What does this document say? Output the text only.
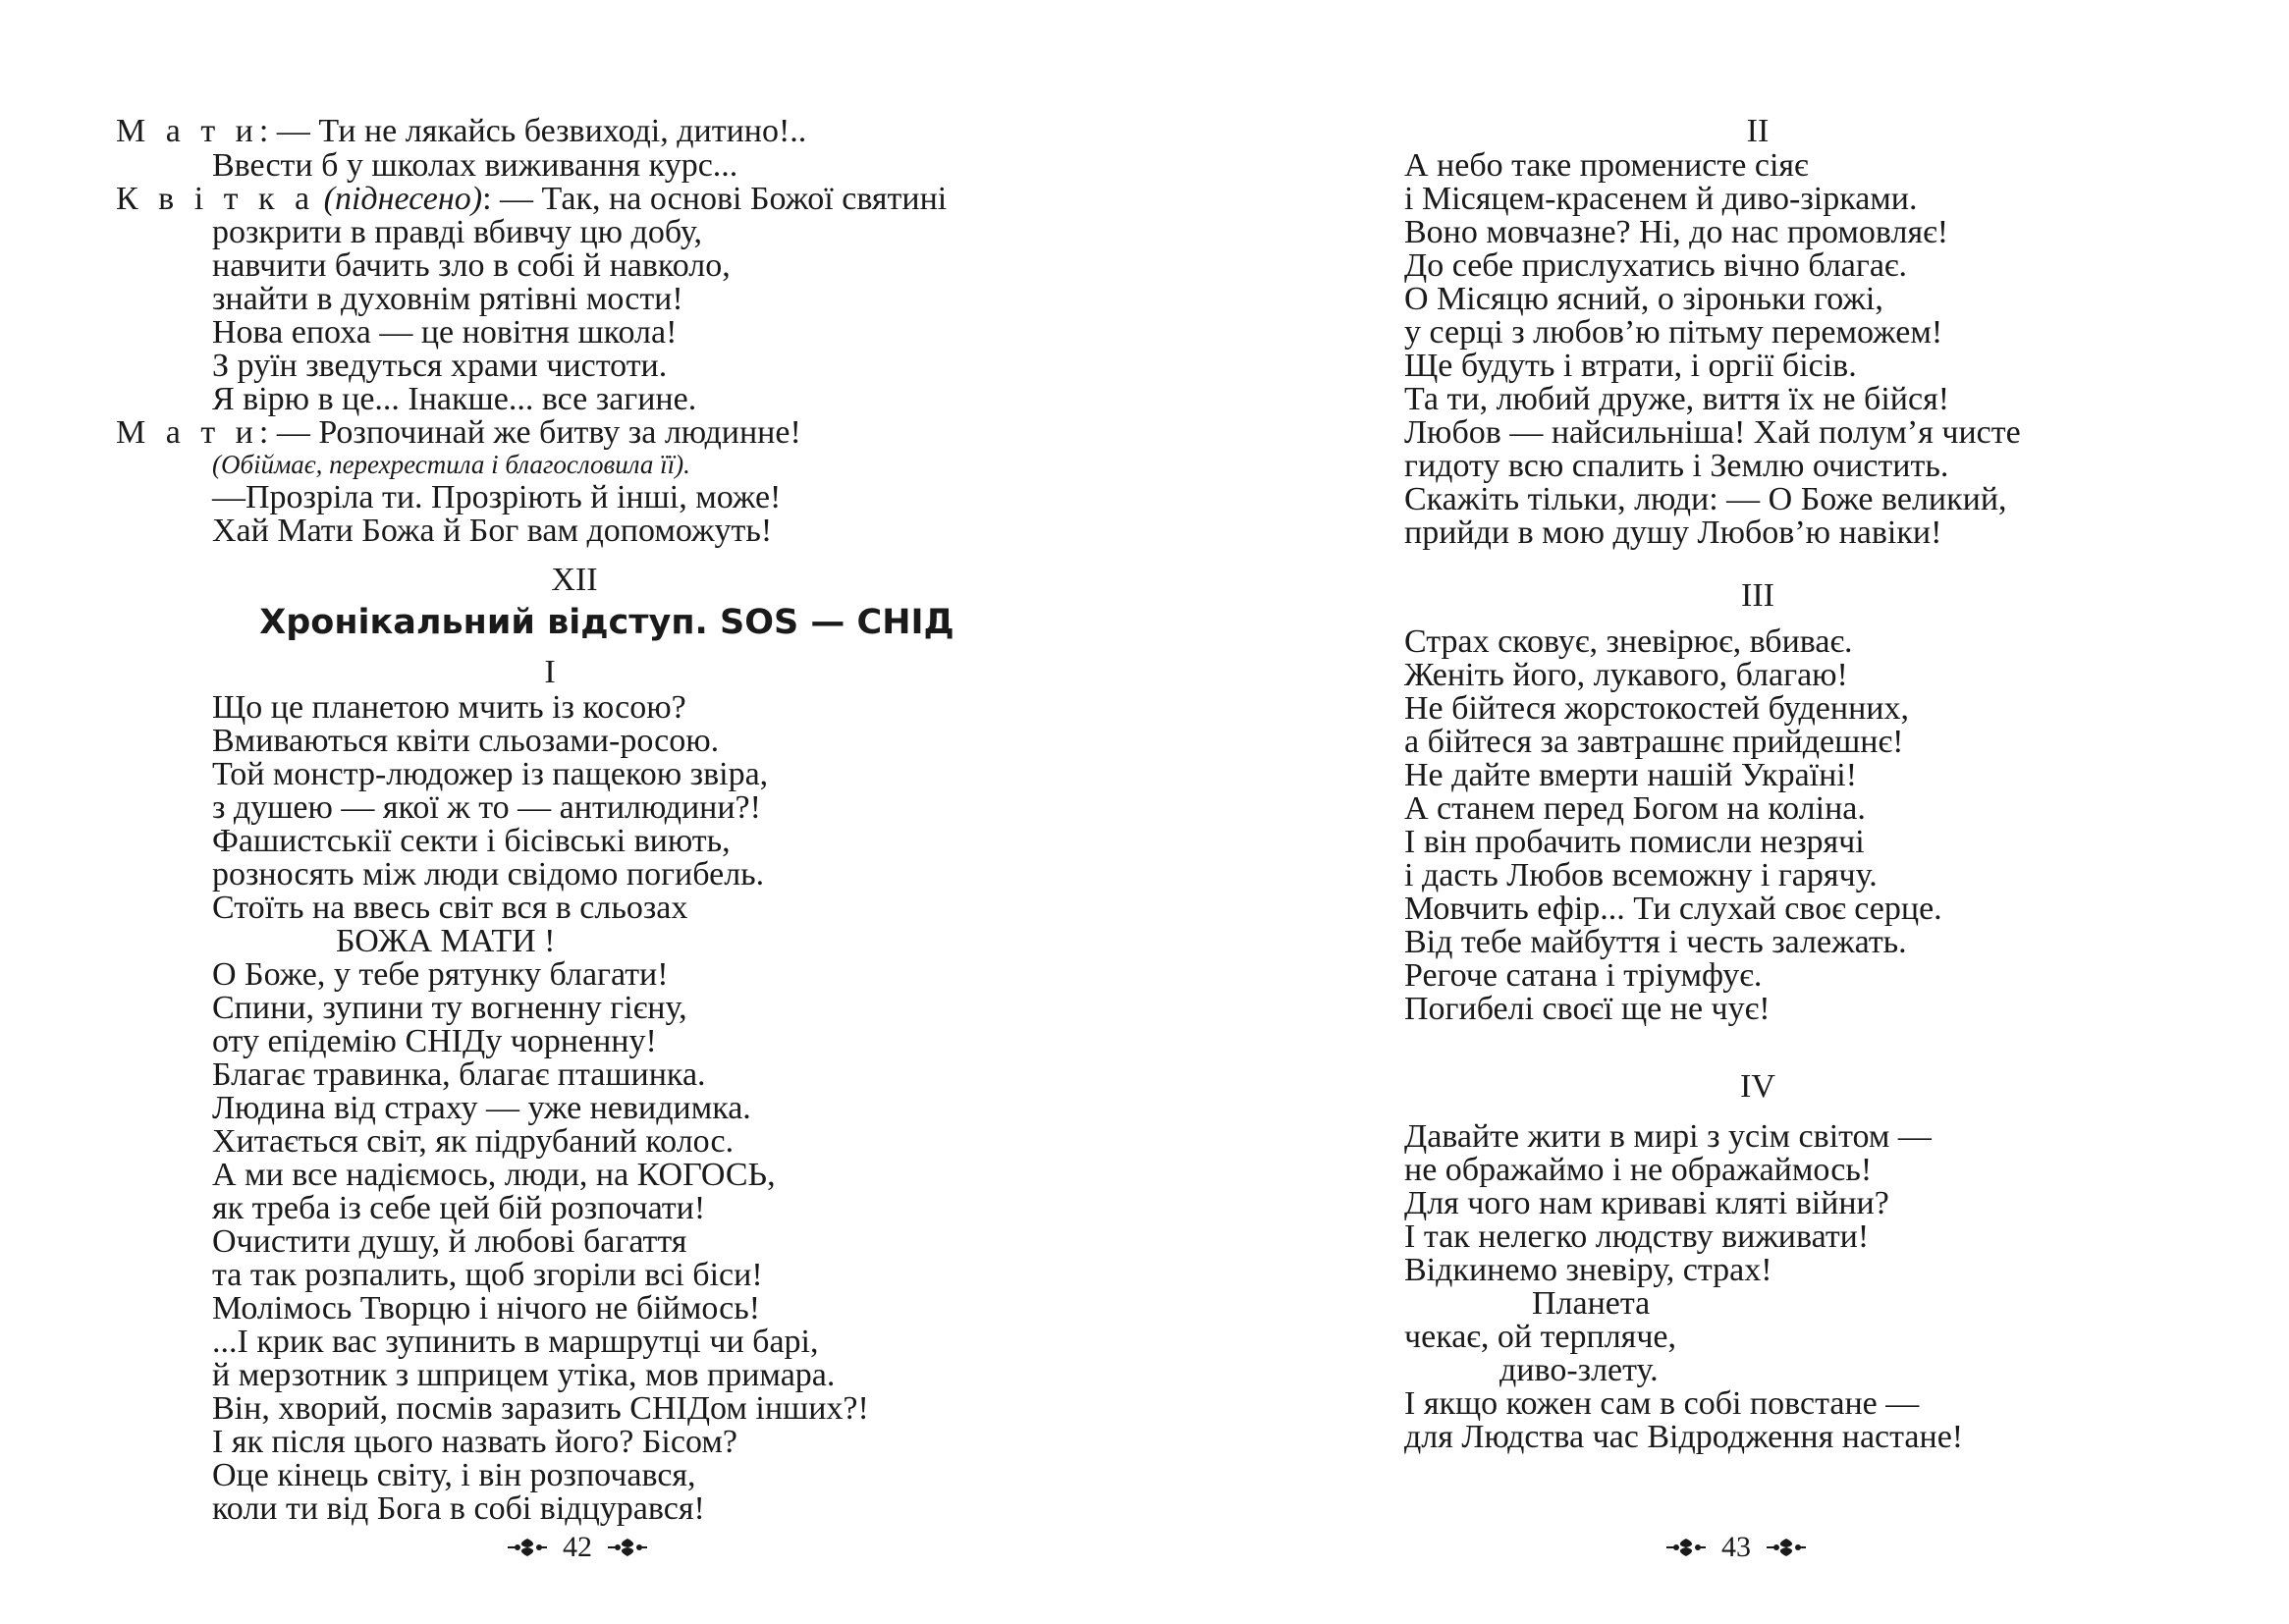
М а т и: — Ти не лякайсь безвиході, дитино!..
Ввести б у школах виживання курс...
К в і т к а (піднесено): — Так, на основі Божої святині
розкрити в правді вбивчу цю добу,
навчити бачить зло в собі й навколо,
знайти в духовнім рятівні мости!
Нова епоха — це новітня школа!
З руїн зведуться храми чистоти.
Я вірю в це... Інакше... все загине.
М а т и: — Розпочинай же битву за людинне!
(Обіймає, перехрестила і благословила її).
—Прозріла ти. Прозріють й інші, може!
Хай Мати Божа й Бог вам допоможуть!
XII
Хронікальний відступ. SOS — СНІД
I
Що це планетою мчить із косою?
Вмиваються квіти сльозами-росою.
Той монстр-людожер із пащекою звіра,
з душею — якої ж то — антилюдини?!
Фашистськії секти і бісівські виють,
розносять між люди свідомо погибель.
Стоїть на ввесь світ вся в сльозах
БОЖА МАТИ !
О Боже, у тебе рятунку благати!
Спини, зупини ту вогненну гієну,
оту епідемію СНІДу чорненну!
Благає травинка, благає пташинка.
Людина від страху — уже невидимка.
Хитається світ, як підрубаний колос.
А ми все надіємось, люди, на КОГОСЬ,
як треба із себе цей бій розпочати!
Очистити душу, й любові багаття
та так розпалить, щоб згоріли всі біси!
Молімось Творцю і нічого не біймось!
...І крик вас зупинить в маршрутці чи барі,
й мерзотник з шприцем утіка, мов примара.
Він, хворий, посмів заразить СНІДом інших?!
І як після цього назвать його? Бісом?
Оце кінець світу, і він розпочався,
коли ти від Бога в собі відцурався!
42
II
А небо таке променисте сіяє
і Місяцем-красенем й диво-зірками.
Воно мовчазне? Ні, до нас промовляє!
До себе прислухатись вічно благає.
О Місяцю ясний, о зіроньки гожі,
у серці з любов’ю пітьму переможем!
Ще будуть і втрати, і оргії бісів.
Та ти, любий друже, виття їх не бійся!
Любов — найсильніша! Хай полум’я чисте
гидоту всю спалить і Землю очистить.
Скажіть тільки, люди: — О Боже великий,
прийди в мою душу Любов’ю навіки!
III
Страх сковує, зневірює, вбиває.
Женіть його, лукавого, благаю!
Не бійтеся жорстокостей буденних,
а бійтеся за завтрашнє прийдешнє!
Не дайте вмерти нашій Україні!
А станем перед Богом на коліна.
І він пробачить помисли незрячі
і дасть Любов всеможну і гарячу.
Мовчить ефір... Ти слухай своє серце.
Від тебе майбуття і честь залежать.
Регоче сатана і тріумфує.
Погибелі своєї ще не чує!
IV
Давайте жити в мирі з усім світом —
не ображаймо і не ображаймось!
Для чого нам криваві кляті війни?
І так нелегко людству виживати!
Відкинемо зневіру, страх!
Планета
чекає, ой терпляче,
диво-злету.
І якщо кожен сам в собі повстане —
для Людства час Відродження настане!
43
